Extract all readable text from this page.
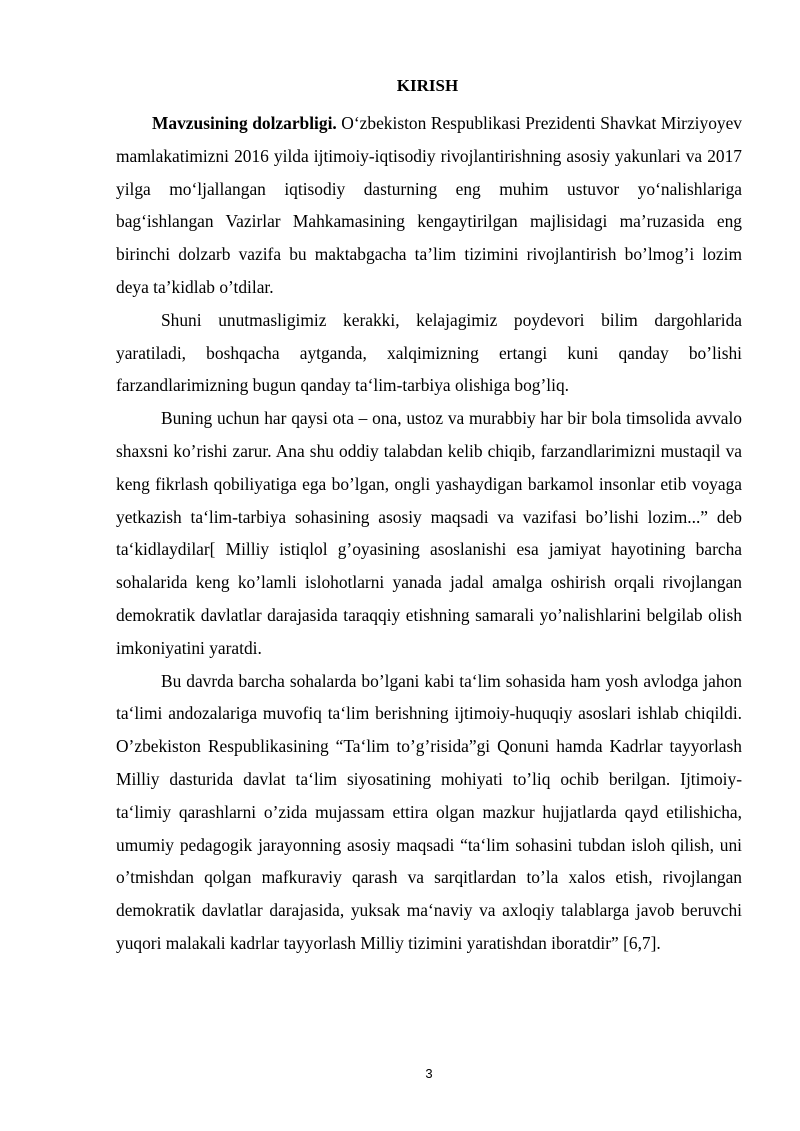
KIRISH

Mavzusining dolzarbligi. O‘zbekiston Respublikasi Prezidenti Shavkat Mirziyoyev mamlakatimizni 2016 yilda ijtimoiy-iqtisodiy rivojlantirishning asosiy yakunlari va 2017 yilga mo‘ljallangan iqtisodiy dasturning eng muhim ustuvor yo‘nalishlariga bag‘ishlangan Vazirlar Mahkamasining kengaytirilgan majlisidagi ma’ruzasida eng birinchi dolzarb vazifa bu maktabgacha ta’lim tizimini rivojlantirish bo’lmog’i lozim deya ta’kidlab o’tdilar.

Shuni unutmasligimiz kerakki, kelajagimiz poydevori bilim dargohlarida yaratiladi, boshqacha aytganda, xalqimizning ertangi kuni qanday bo’lishi farzandlarimizning bugun qanday ta‘lim-tarbiya olishiga bog’liq.

Buning uchun har qaysi ota – ona, ustoz va murabbiy har bir bola timsolida avvalo shaxsni ko’rishi zarur. Ana shu oddiy talabdan kelib chiqib, farzandlarimizni mustaqil va keng fikrlash qobiliyatiga ega bo’lgan, ongli yashaydigan barkamol insonlar etib voyaga yetkazish ta‘lim-tarbiya sohasining asosiy maqsadi va vazifasi bo’lishi lozim...” deb ta‘kidlaydilar[ Milliy istiqlol g’oyasining asoslanishi esa jamiyat hayotining barcha sohalarida keng ko’lamli islohotlarni yanada jadal amalga oshirish orqali rivojlangan demokratik davlatlar darajasida taraqqiy etishning samarali yo’nalishlarini belgilab olish imkoniyatini yaratdi.

Bu davrda barcha sohalarda bo’lgani kabi ta‘lim sohasida ham yosh avlodga jahon ta‘limi andozalariga muvofiq ta‘lim berishning ijtimoiy-huquqiy asoslari ishlab chiqildi. O’zbekiston Respublikasining “Ta‘lim to’g’risida”gi Qonuni hamda Kadrlar tayyorlash Milliy dasturida davlat ta‘lim siyosatining mohiyati to’liq ochib berilgan. Ijtimoiy-ta‘limiy qarashlarni o’zida mujassam ettira olgan mazkur hujjatlarda qayd etilishicha, umumiy pedagogik jarayonning asosiy maqsadi “ta‘lim sohasini tubdan isloh qilish, uni o’tmishdan qolgan mafkuraviy qarash va sarqitlardan to’la xalos etish, rivojlangan demokratik davlatlar darajasida, yuksak ma‘naviy va axloqiy talablarga javob beruvchi yuqori malakali kadrlar tayyorlash Milliy tizimini yaratishdan iboratdir” [6,7].

3
